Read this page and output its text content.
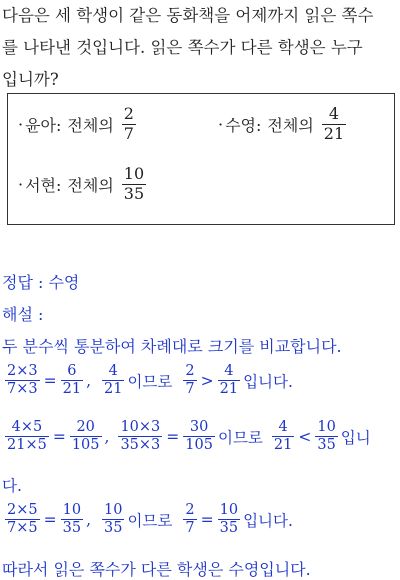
다음은 세 학생이 같은 동화책을 어제까지 읽은 쪽수

를 나타낸 것입니다. 읽은 쪽수가 다른 학생은 누구

입니까?

· 윤아: 전체의 $\frac{2}{7}$	· 수영: 전체의 $\frac{4}{21}$
· 서현: 전체의 $\frac{10}{35}$
정답 : 수영
해설 :
두 분수씩 통분하여 차례대로 크기를 비교합니다.
$\frac{2\times 3}{7\times 3} = \frac{6}{21}$ , $\frac{4}{21}$ 이므로 $\frac{2}{7} > \frac{4}{21}$ 입니다.
$\frac{4\times 5}{21\times 5} = \frac{20}{105}$ , $\frac{10\times 3}{35\times 3} = \frac{30}{105}$ 이므로 $\frac{4}{21} < \frac{10}{35}$ 입니
다.
$\frac{2\times 5}{7\times 5} = \frac{10}{35}$ , $\frac{10}{35}$ 이므로 $\frac{2}{7} = \frac{10}{35}$ 입니다.
따라서 읽은 쪽수가 다른 학생은 수영입니다.
